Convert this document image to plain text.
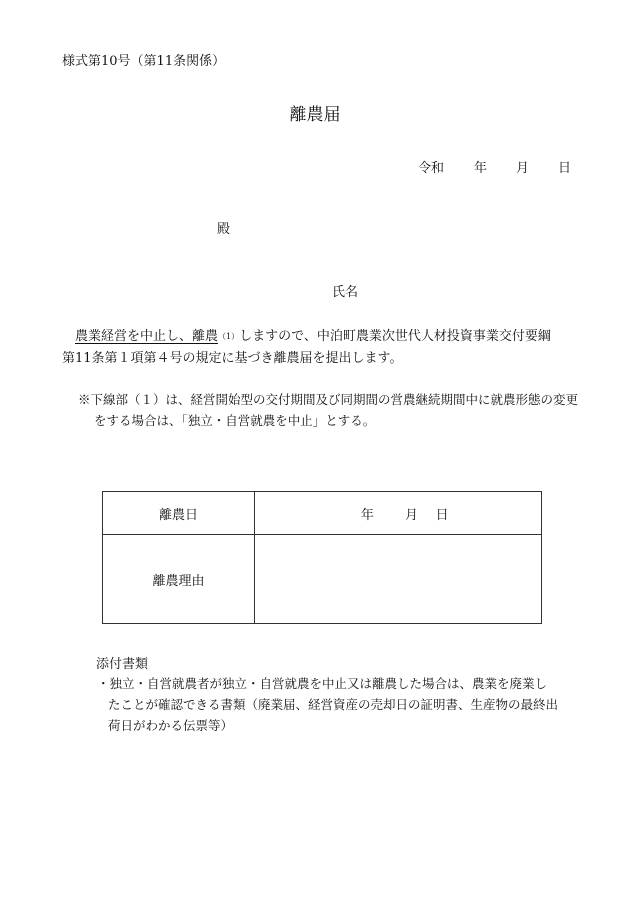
様式第10号（第11条関係）
離農届
令和	年	月	日
殿
氏名
　農業経営を中止し、離農（1）しますので、中泊町農業次世代人材投資事業交付要綱第11条第１項第４号の規定に基づき離農届を提出します。
※下線部（１）は、経営開始型の交付期間及び同期間の営農継続期間中に就農形態の変更をする場合は、「独立・自営就農を中止」とする。
離農日	年 月 日
離農理由	
添付書類
・独立・自営就農者が独立・自営就農を中止又は離農した場合は、農業を廃業したことが確認できる書類（廃業届、経営資産の売却日の証明書、生産物の最終出荷日がわかる伝票等）
